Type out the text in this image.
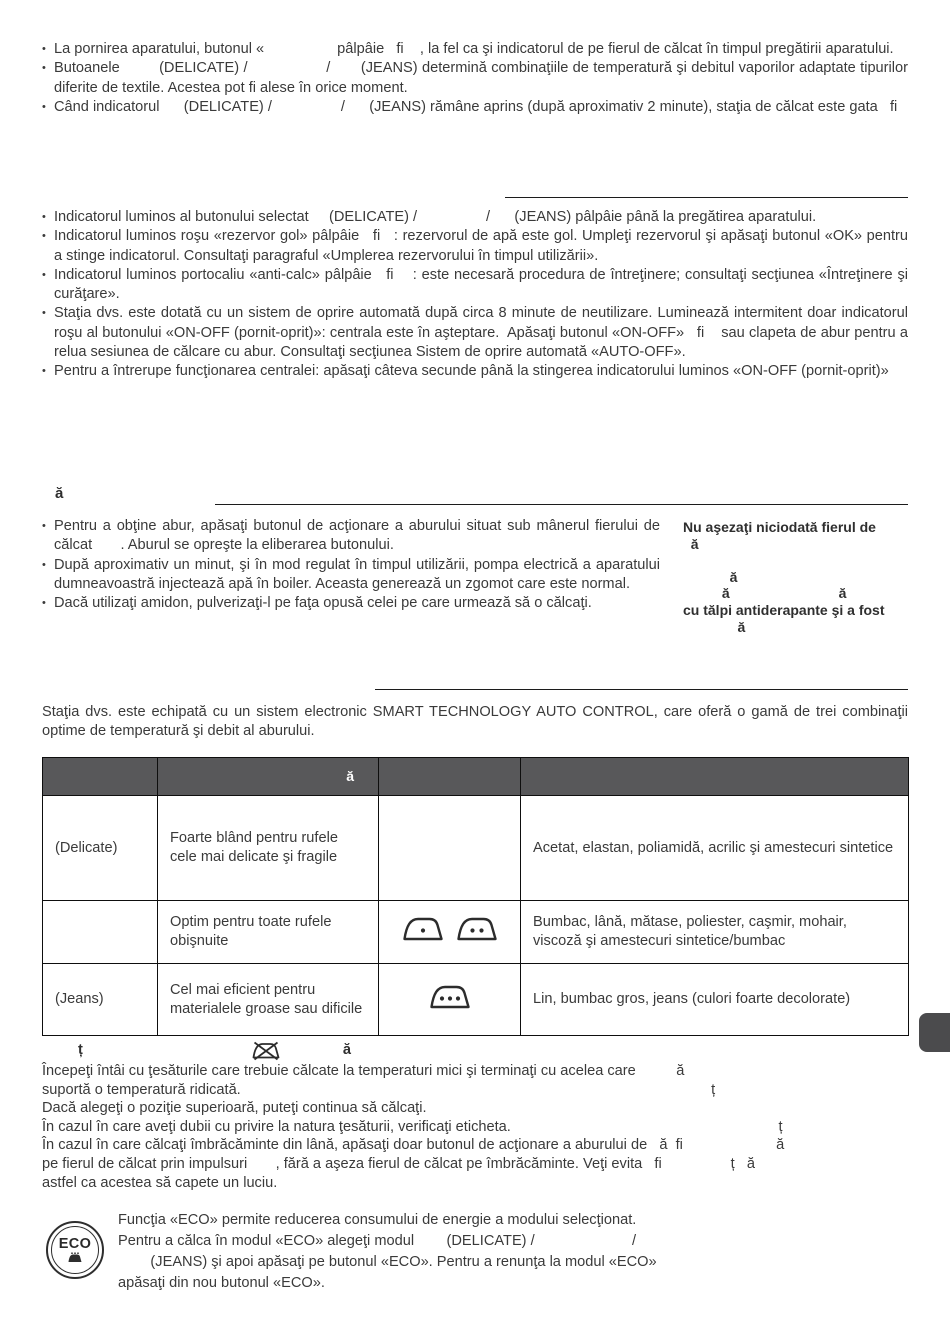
• La pornirea aparatului, butonul «                  pâlpâie   fi    , la fel ca şi indicatorul de pe fierul de călcat în timpul pregătirii aparatului.
• Butoanele         (DELICATE) /                  /       (JEANS) determină combinaţiile de temperatură şi debitul vaporilor adaptate tipurilor diferite de textile. Acestea pot fi alese în orice moment.
• Când indicatorul      (DELICATE) /                 /      (JEANS) rămâne aprins (după aproximativ 2 minute), staţia de călcat este gata   fi
• Indicatorul luminos al butonului selectat     (DELICATE) /                 /      (JEANS) pâlpâie până la pregătirea aparatului.
• Indicatorul luminos roşu «rezervor gol» pâlpâie   fi   : rezervorul de apă este gol. Umpleţi rezervorul şi apăsaţi butonul «OK» pentru a stinge indicatorul. Consultaţi paragraful «Umplerea rezervorului în timpul utilizării».
• Indicatorul luminos portocaliu «anti-calc» pâlpâie   fi    : este necesară procedura de întreţinere; consultaţi secţiunea «Întreţinere şi curăţare».
• Staţia dvs. este dotată cu un sistem de oprire automată după circa 8 minute de neutilizare. Luminează intermitent doar indicatorul roşu al butonului «ON-OFF (pornit-oprit)»: centrala este în aşteptare.  Apăsaţi butonul «ON-OFF»   fi    sau clapeta de abur pentru a relua sesiunea de călcare cu abur. Consultaţi secţiunea Sistem de oprire automată «AUTO-OFF».
• Pentru a întrerupe funcţionarea centralei: apăsaţi câteva secunde până la stingerea indicatorului luminos «ON-OFF (pornit-oprit)»
ă
• Pentru a obţine abur, apăsaţi butonul de acţionare a aburului situat sub mânerul fierului de călcat       . Aburul se opreşte la eliberarea butonului.
• După aproximativ un minut, şi în mod regulat în timpul utilizării, pompa electrică a aparatului dumneavoastră injectează apă în boiler. Aceasta generează un zgomot care este normal.
• Dacă utilizaţi amidon, pulverizaţi-l pe faţa opusă celei pe care urmează să o călcaţi.
Nu aşezaţi niciodată fierul de
ă
ă
ă                            ă
cu tălpi antiderapante şi a fost
ă

Staţia dvs. este echipată cu un sistem electronic SMART TECHNOLOGY AUTO CONTROL, care oferă o gamă de trei combinaţii optime de temperatură şi debit al aburului.

	ă		
(Delicate)	Foarte blând pentru rufele cele mai delicate şi fragile		Acetat, elastan, poliamidă, acrilic şi amestecuri sintetice
	Optim pentru toate rufele obişnuite		Bumbac, lână, mătase, poliester, caşmir, mohair, viscoză şi amestecuri sintetice/bumbac
(Jeans)	Cel mai eficient pentru materialele groase sau dificile		Lin, bumbac gros, jeans (culori foarte decolorate)
ț	ă
Începeţi întâi cu ţesăturile care trebuie călcate la temperaturi mici şi terminaţi cu acelea care          ă
suportă o temperatură ridicată.                                                                                                                    ț
Dacă alegeţi o poziţie superioară, puteţi continua să călcaţi.
În cazul în care aveţi dubii cu privire la natura ţesăturii, verificaţi eticheta.                                                                  ț
În cazul în care călcaţi îmbrăcăminte din lână, apăsaţi doar butonul de acţionare a aburului de   ă  fi                       ă
pe fierul de călcat prin impulsuri       , fără a aşeza fierul de călcat pe îmbrăcăminte. Veţi evita   fi                 ț   ă
astfel ca acestea să capete un luciu.
ECO
Funcţia «ECO» permite reducerea consumului de energie a modului selecţionat.
Pentru a călca în modul «ECO» alegeţi modul        (DELICATE) /                        /
(JEANS) şi apoi apăsaţi pe butonul «ECO». Pentru a renunţa la modul «ECO»
apăsaţi din nou butonul «ECO».
